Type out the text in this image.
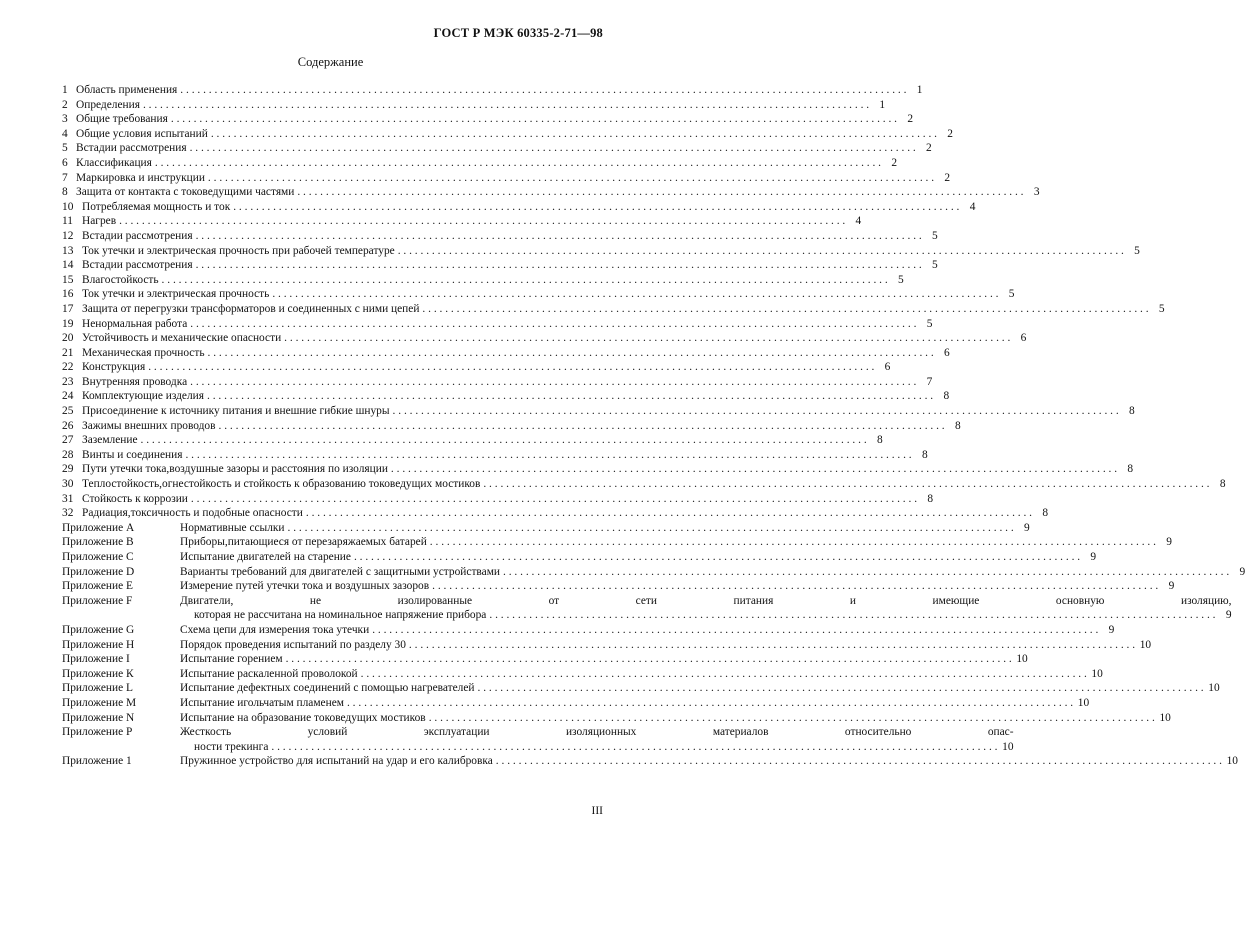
ГОСТ Р МЭК 60335-2-71—98
Содержание
1 Область применения . . .	1
2 Определения . . .	1
3 Общие требования . . .	2
4 Общие условия испытаний . . .	2
5 Встадии рассмотрения . . .	2
6 Классификация . . .	2
7 Маркировка и инструкции . . .	2
8 Защита от контакта с токоведущими частями . . .	3
10 Потребляемая мощность и ток . . .	4
11 Нагрев . . .	4
12 Встадии рассмотрения . . .	5
13 Ток утечки и электрическая прочность при рабочей температуре . . .	5
14 Встадии рассмотрения . . .	5
15 Влагостойкость . . .	5
16 Ток утечки и электрическая прочность . . .	5
17 Защита от перегрузки трансформаторов и соединенных с ними цепей . . .	5
19 Ненормальная работа . . .	5
20 Устойчивость и механические опасности . . .	6
21 Механическая прочность . . .	6
22 Конструкция . . .	6
23 Внутренняя проводка . . .	7
24 Комплектующие изделия . . .	8
25 Присоединение к источнику питания и внешние гибкие шнуры . . .	8
26 Зажимы внешних проводов . . .	8
27 Заземление . . .	8
28 Винты и соединения . . .	8
29 Пути утечки тока,воздушные зазоры и расстояния по изоляции . . .	8
30 Теплостойкость,огнестойкость и стойкость к образованию токоведущих мостиков . . .	8
31 Стойкость к коррозии . . .	8
32 Радиация,токсичность и подобные опасности . . .	8
Приложение А	Нормативные ссылки . . .	9
Приложение В	Приборы,питающиеся от перезаряжаемых батарей . . .	9
Приложение С	Испытание двигателей на старение . . .	9
Приложение D	Варианты требований для двигателей с защитными устройствами . . .	9
Приложение Е	Измерение путей утечки тока и воздушных зазоров . . .	9
Приложение F	Двигатели, не изолированные от сети питания и имеющие основную изоляцию,
которая не рассчитана на номинальное напряжение прибора . . .	9
Приложение G	Схема цепи для измерения тока утечки . . .	9
Приложение Н	Порядок проведения испытаний по разделу 30 . . .	10
Приложение I	Испытание горением . . .	10
Приложение К	Испытание раскаленной проволокой . . .	10
Приложение L	Испытание дефектных соединений с помощью нагревателей . . .	10
Приложение М	Испытание игольчатым пламенем . . .	10
Приложение N	Испытание на образование токоведущих мостиков . . .	10
Приложение Р	Жесткость условий эксплуатации изоляционных материалов относительно опас-
ности трекинга . . .	10
Приложение 1	Пружинное устройство для испытаний на удар и его калибровка . . .	10
III
